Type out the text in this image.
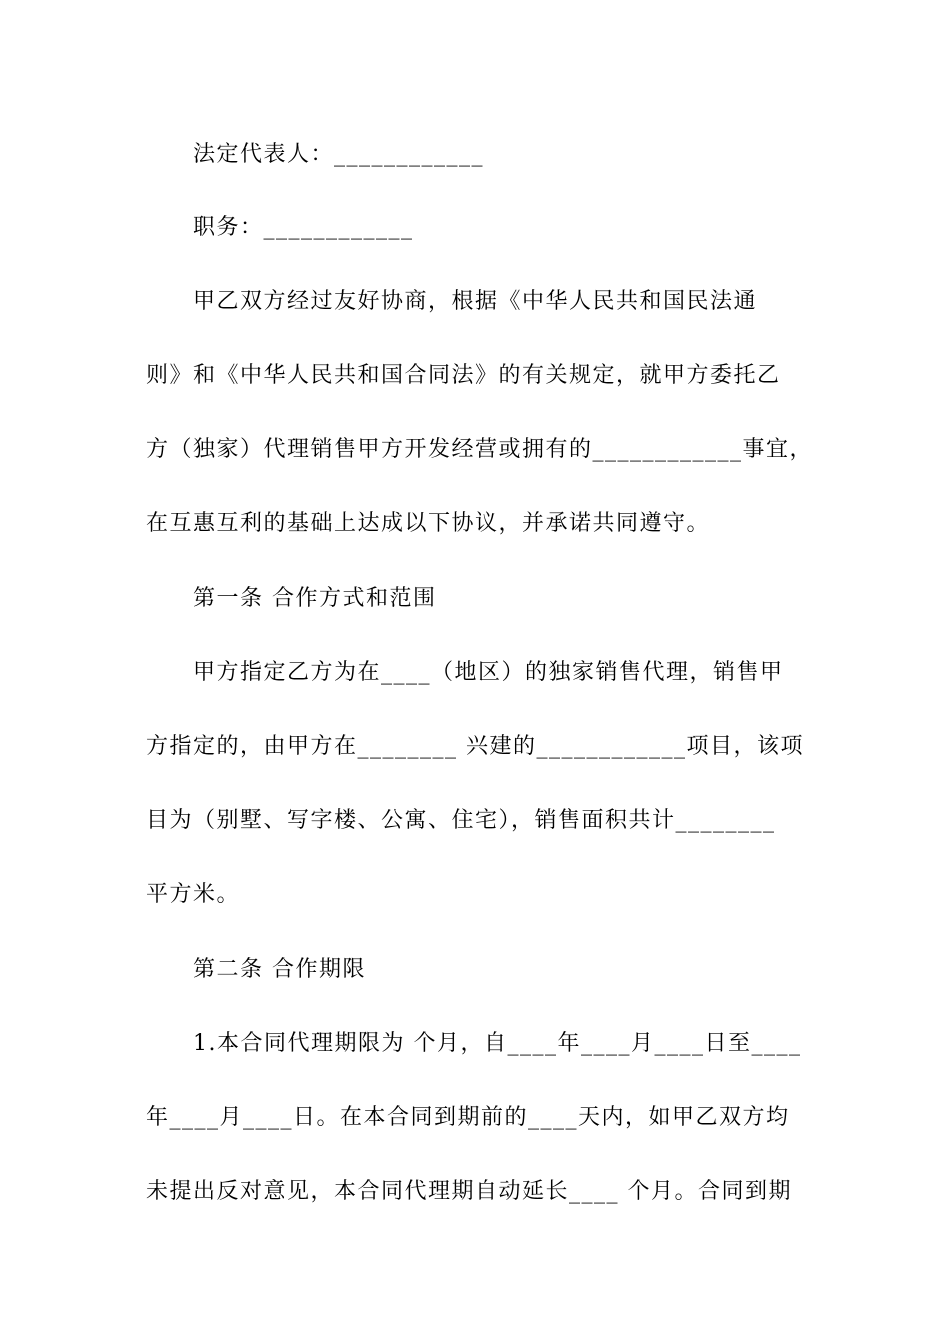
法定代表人：____________
职务：____________
甲乙双方经过友好协商，根据《中华人民共和国民法通
则》和《中华人民共和国合同法》的有关规定，就甲方委托乙
方（独家）代理销售甲方开发经营或拥有的____________事宜，
在互惠互利的基础上达成以下协议，并承诺共同遵守。
第一条 合作方式和范围
甲方指定乙方为在____（地区）的独家销售代理，销售甲
方指定的，由甲方在________ 兴建的____________项目，该项
目为（别墅、写字楼、公寓、住宅），销售面积共计________
平方米。
第二条 合作期限
1.本合同代理期限为 个月，自____年____月____日至____
年____月____日。在本合同到期前的____天内，如甲乙双方均
未提出反对意见，本合同代理期自动延长____ 个月。合同到期
